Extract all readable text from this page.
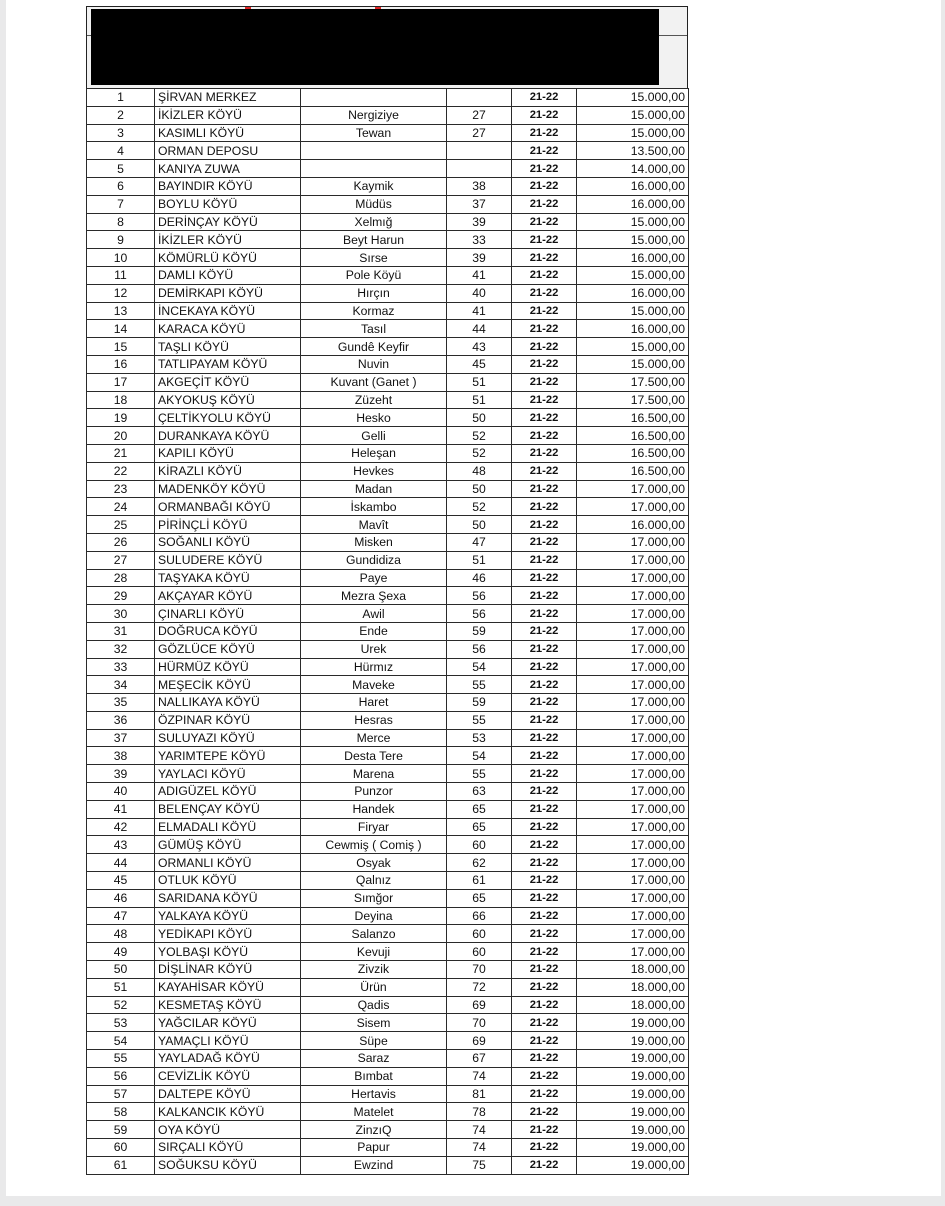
1	ŞİRVAN MERKEZ			21-22	15.000,00
2	İKİZLER KÖYÜ	Nergiziye	27	21-22	15.000,00
3	KASIMLI KÖYÜ	Tewan	27	21-22	15.000,00
4	ORMAN DEPOSU			21-22	13.500,00
5	KANIYA ZUWA			21-22	14.000,00
6	BAYINDIR KÖYÜ	Kaymik	38	21-22	16.000,00
7	BOYLU KÖYÜ	Müdüs	37	21-22	16.000,00
8	DERİNÇAY KÖYÜ	Xelmığ	39	21-22	15.000,00
9	İKİZLER KÖYÜ	Beyt Harun	33	21-22	15.000,00
10	KÖMÜRLÜ KÖYÜ	Sırse	39	21-22	16.000,00
11	DAMLI KÖYÜ	Pole Köyü	41	21-22	15.000,00
12	DEMİRKAPI KÖYÜ	Hırçın	40	21-22	16.000,00
13	İNCEKAYA KÖYÜ	Kormaz	41	21-22	15.000,00
14	KARACA KÖYÜ	Tasıl	44	21-22	16.000,00
15	TAŞLI KÖYÜ	Gundê Keyfir	43	21-22	15.000,00
16	TATLIPAYAM KÖYÜ	Nuvin	45	21-22	15.000,00
17	AKGEÇİT KÖYÜ	Kuvant (Ganet )	51	21-22	17.500,00
18	AKYOKUŞ KÖYÜ	Züzeht	51	21-22	17.500,00
19	ÇELTİKYOLU KÖYÜ	Hesko	50	21-22	16.500,00
20	DURANKAYA KÖYÜ	Gelli	52	21-22	16.500,00
21	KAPILI KÖYÜ	Heleşan	52	21-22	16.500,00
22	KİRAZLI KÖYÜ	Hevkes	48	21-22	16.500,00
23	MADENKÖY KÖYÜ	Madan	50	21-22	17.000,00
24	ORMANBAĞI KÖYÜ	İskambo	52	21-22	17.000,00
25	PİRİNÇLİ KÖYÜ	Mavît	50	21-22	16.000,00
26	SOĞANLI KÖYÜ	Misken	47	21-22	17.000,00
27	SULUDERE KÖYÜ	Gundidiza	51	21-22	17.000,00
28	TAŞYAKA KÖYÜ	Paye	46	21-22	17.000,00
29	AKÇAYAR KÖYÜ	Mezra Şexa	56	21-22	17.000,00
30	ÇINARLI KÖYÜ	Awil	56	21-22	17.000,00
31	DOĞRUCA KÖYÜ	Ende	59	21-22	17.000,00
32	GÖZLÜCE KÖYÜ	Urek	56	21-22	17.000,00
33	HÜRMÜZ KÖYÜ	Hürmız	54	21-22	17.000,00
34	MEŞECİK KÖYÜ	Maveke	55	21-22	17.000,00
35	NALLIKAYA KÖYÜ	Haret	59	21-22	17.000,00
36	ÖZPINAR KÖYÜ	Hesras	55	21-22	17.000,00
37	SULUYAZI KÖYÜ	Merce	53	21-22	17.000,00
38	YARIMTEPE KÖYÜ	Desta Tere	54	21-22	17.000,00
39	YAYLACI KÖYÜ	Marena	55	21-22	17.000,00
40	ADIGÜZEL KÖYÜ	Punzor	63	21-22	17.000,00
41	BELENÇAY KÖYÜ	Handek	65	21-22	17.000,00
42	ELMADALI KÖYÜ	Firyar	65	21-22	17.000,00
43	GÜMÜŞ KÖYÜ	Cewmiş ( Comiş )	60	21-22	17.000,00
44	ORMANLI KÖYÜ	Osyak	62	21-22	17.000,00
45	OTLUK KÖYÜ	Qalnız	61	21-22	17.000,00
46	SARIDANA KÖYÜ	Sımğor	65	21-22	17.000,00
47	YALKAYA KÖYÜ	Deyina	66	21-22	17.000,00
48	YEDİKAPI KÖYÜ	Salanzo	60	21-22	17.000,00
49	YOLBAŞI KÖYÜ	Kevuji	60	21-22	17.000,00
50	DİŞLİNAR KÖYÜ	Zivzik	70	21-22	18.000,00
51	KAYAHİSAR KÖYÜ	Ürün	72	21-22	18.000,00
52	KESMETAŞ KÖYÜ	Qadis	69	21-22	18.000,00
53	YAĞCILAR KÖYÜ	Sisem	70	21-22	19.000,00
54	YAMAÇLI KÖYÜ	Süpe	69	21-22	19.000,00
55	YAYLADAĞ KÖYÜ	Saraz	67	21-22	19.000,00
56	CEVİZLİK KÖYÜ	Bımbat	74	21-22	19.000,00
57	DALTEPE KÖYÜ	Hertavis	81	21-22	19.000,00
58	KALKANCIK KÖYÜ	Matelet	78	21-22	19.000,00
59	OYA KÖYÜ	ZinzıQ	74	21-22	19.000,00
60	SIRÇALI KÖYÜ	Papur	74	21-22	19.000,00
61	SOĞUKSU KÖYÜ	Ewzind	75	21-22	19.000,00
